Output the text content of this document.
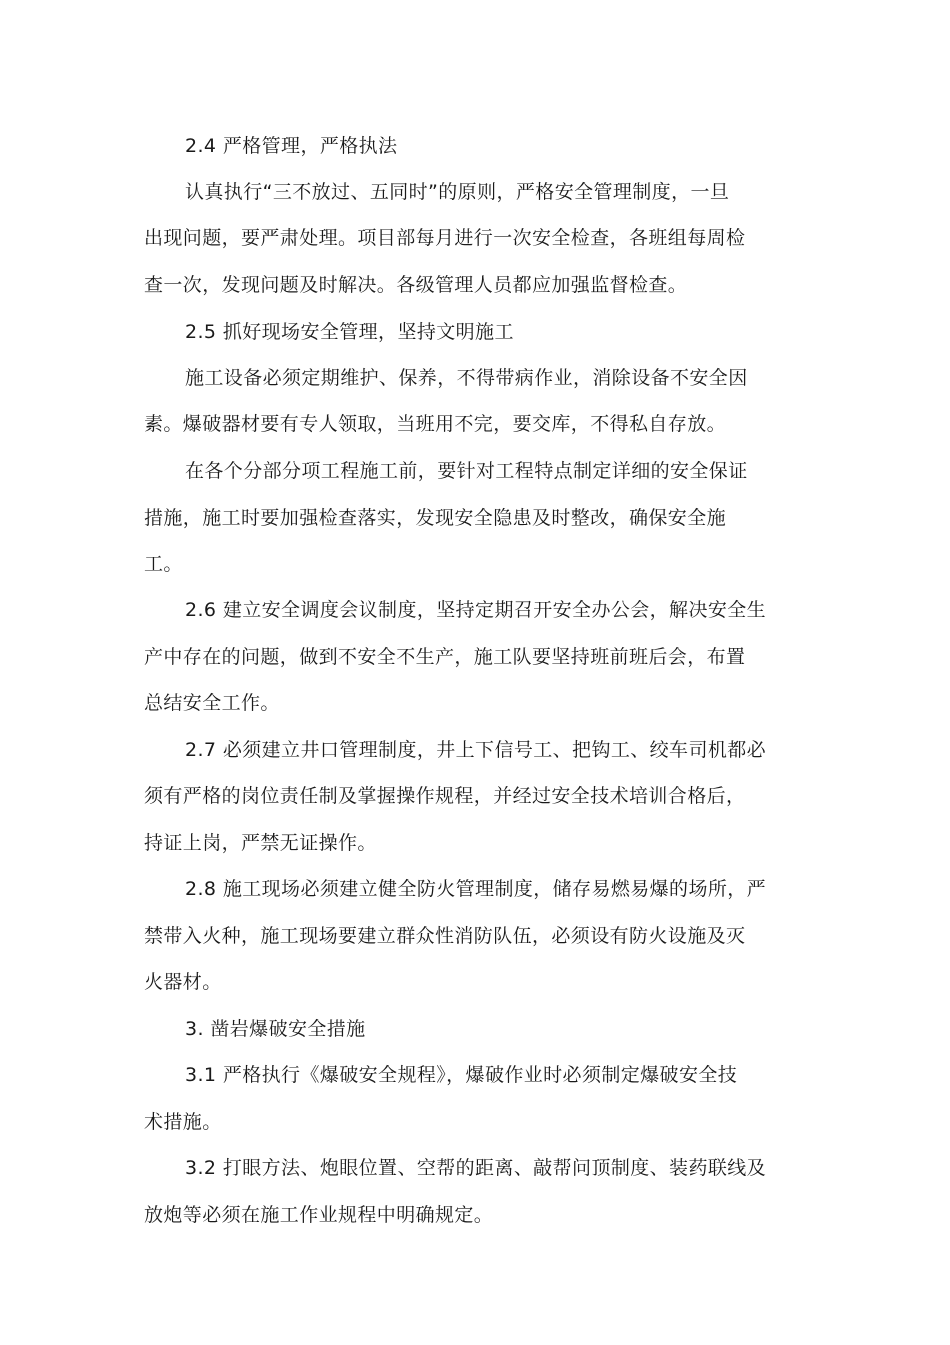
2.4 严格管理，严格执法
认真执行“三不放过、五同时”的原则，严格安全管理制度，一旦
出现问题，要严肃处理。项目部每月进行一次安全检查，各班组每周检
查一次，发现问题及时解决。各级管理人员都应加强监督检查。
2.5 抓好现场安全管理，坚持文明施工
施工设备必须定期维护、保养，不得带病作业，消除设备不安全因
素。爆破器材要有专人领取，当班用不完，要交库，不得私自存放。
在各个分部分项工程施工前，要针对工程特点制定详细的安全保证
措施，施工时要加强检查落实，发现安全隐患及时整改，确保安全施
工。
2.6 建立安全调度会议制度，坚持定期召开安全办公会，解决安全生
产中存在的问题，做到不安全不生产，施工队要坚持班前班后会，布置
总结安全工作。
2.7 必须建立井口管理制度，井上下信号工、把钩工、绞车司机都必
须有严格的岗位责任制及掌握操作规程，并经过安全技术培训合格后，
持证上岗，严禁无证操作。
2.8 施工现场必须建立健全防火管理制度，储存易燃易爆的场所，严
禁带入火种，施工现场要建立群众性消防队伍，必须设有防火设施及灭
火器材。
3. 凿岩爆破安全措施
3.1 严格执行《爆破安全规程》，爆破作业时必须制定爆破安全技
术措施。
3.2 打眼方法、炮眼位置、空帮的距离、敲帮问顶制度、装药联线及
放炮等必须在施工作业规程中明确规定。
